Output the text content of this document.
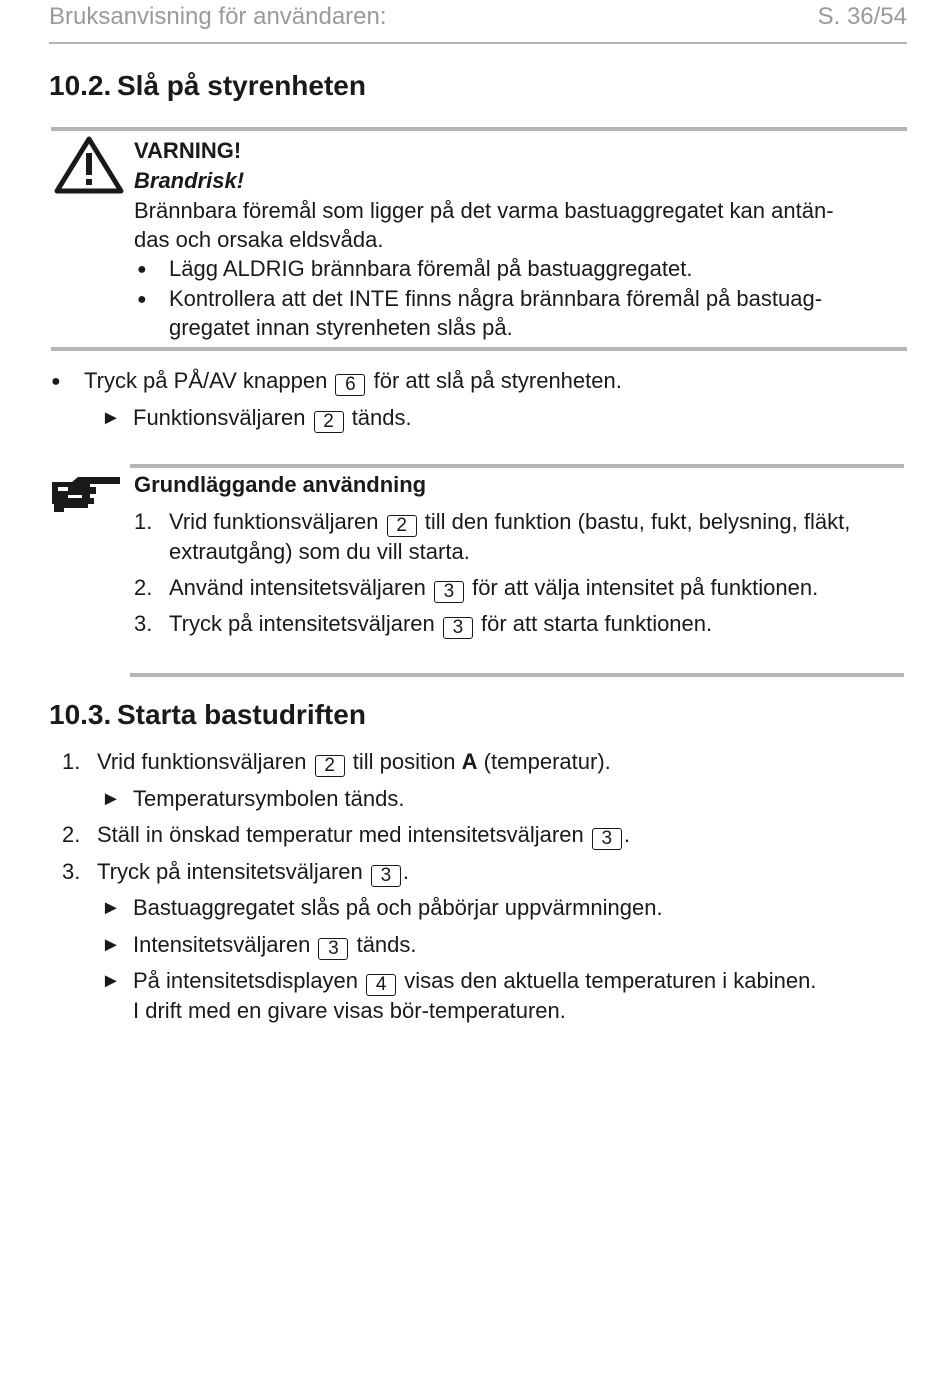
Bruksanvisning för användaren:	S. 36/54
10.2. Slå på styrenheten
VARNING!
Brandrisk!
Brännbara föremål som ligger på det varma bastuaggregatet kan antän-
das och orsaka eldsvåda.
● Lägg ALDRIG brännbara föremål på bastuaggregatet.
● Kontrollera att det INTE finns några brännbara föremål på bastuag-
gregatet innan styrenheten slås på.
● Tryck på PÅ/AV knappen 6 för att slå på styrenheten.
► Funktionsväljaren 2 tänds.
Grundläggande användning
1. Vrid funktionsväljaren 2 till den funktion (bastu, fukt, belysning, fläkt,
extrautgång) som du vill starta.
2. Använd intensitetsväljaren 3 för att välja intensitet på funktionen.
3. Tryck på intensitetsväljaren 3 för att starta funktionen.
10.3. Starta bastudriften
1. Vrid funktionsväljaren 2 till position A (temperatur).
► Temperatursymbolen tänds.
2. Ställ in önskad temperatur med intensitetsväljaren 3 .
3. Tryck på intensitetsväljaren 3 .
► Bastuaggregatet slås på och påbörjar uppvärmningen.
► Intensitetsväljaren 3 tänds.
► På intensitetsdisplayen 4 visas den aktuella temperaturen i kabinen.
I drift med en givare visas bör-temperaturen.
